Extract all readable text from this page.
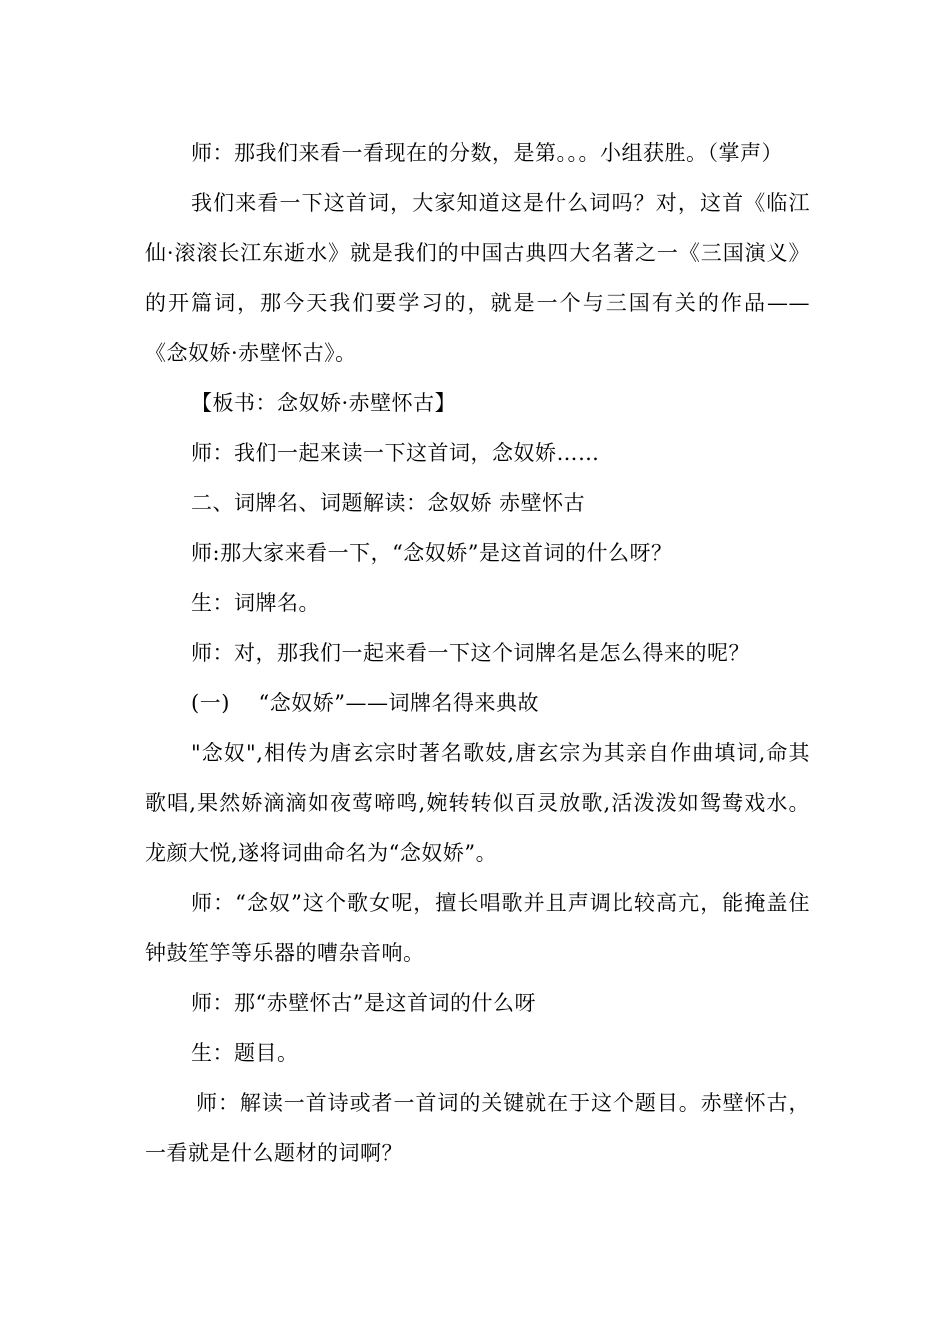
师：那我们来看一看现在的分数，是第。。。小组获胜。（掌声）

我们来看一下这首词，大家知道这是什么词吗？对，这首《临江仙·滚滚长江东逝水》就是我们的中国古典四大名著之一《三国演义》的开篇词，那今天我们要学习的，就是一个与三国有关的作品——《念奴娇·赤壁怀古》。

【板书：念奴娇·赤壁怀古】

师：我们一起来读一下这首词，念奴娇……

二、词牌名、词题解读：念奴娇 赤壁怀古

师:那大家来看一下，“念奴娇”是这首词的什么呀？

生：词牌名。

师：对，那我们一起来看一下这个词牌名是怎么得来的呢？

(一)　 “念奴娇”——词牌名得来典故

"念奴",相传为唐玄宗时著名歌妓,唐玄宗为其亲自作曲填词,命其歌唱,果然娇滴滴如夜莺啼鸣,婉转转似百灵放歌,活泼泼如鸳鸯戏水。龙颜大悦,遂将词曲命名为“念奴娇”。

师：“念奴”这个歌女呢，擅长唱歌并且声调比较高亢，能掩盖住钟鼓笙竽等乐器的嘈杂音响。

师：那“赤壁怀古”是这首词的什么呀

生：题目。

师：解读一首诗或者一首词的关键就在于这个题目。赤壁怀古，一看就是什么题材的词啊？
